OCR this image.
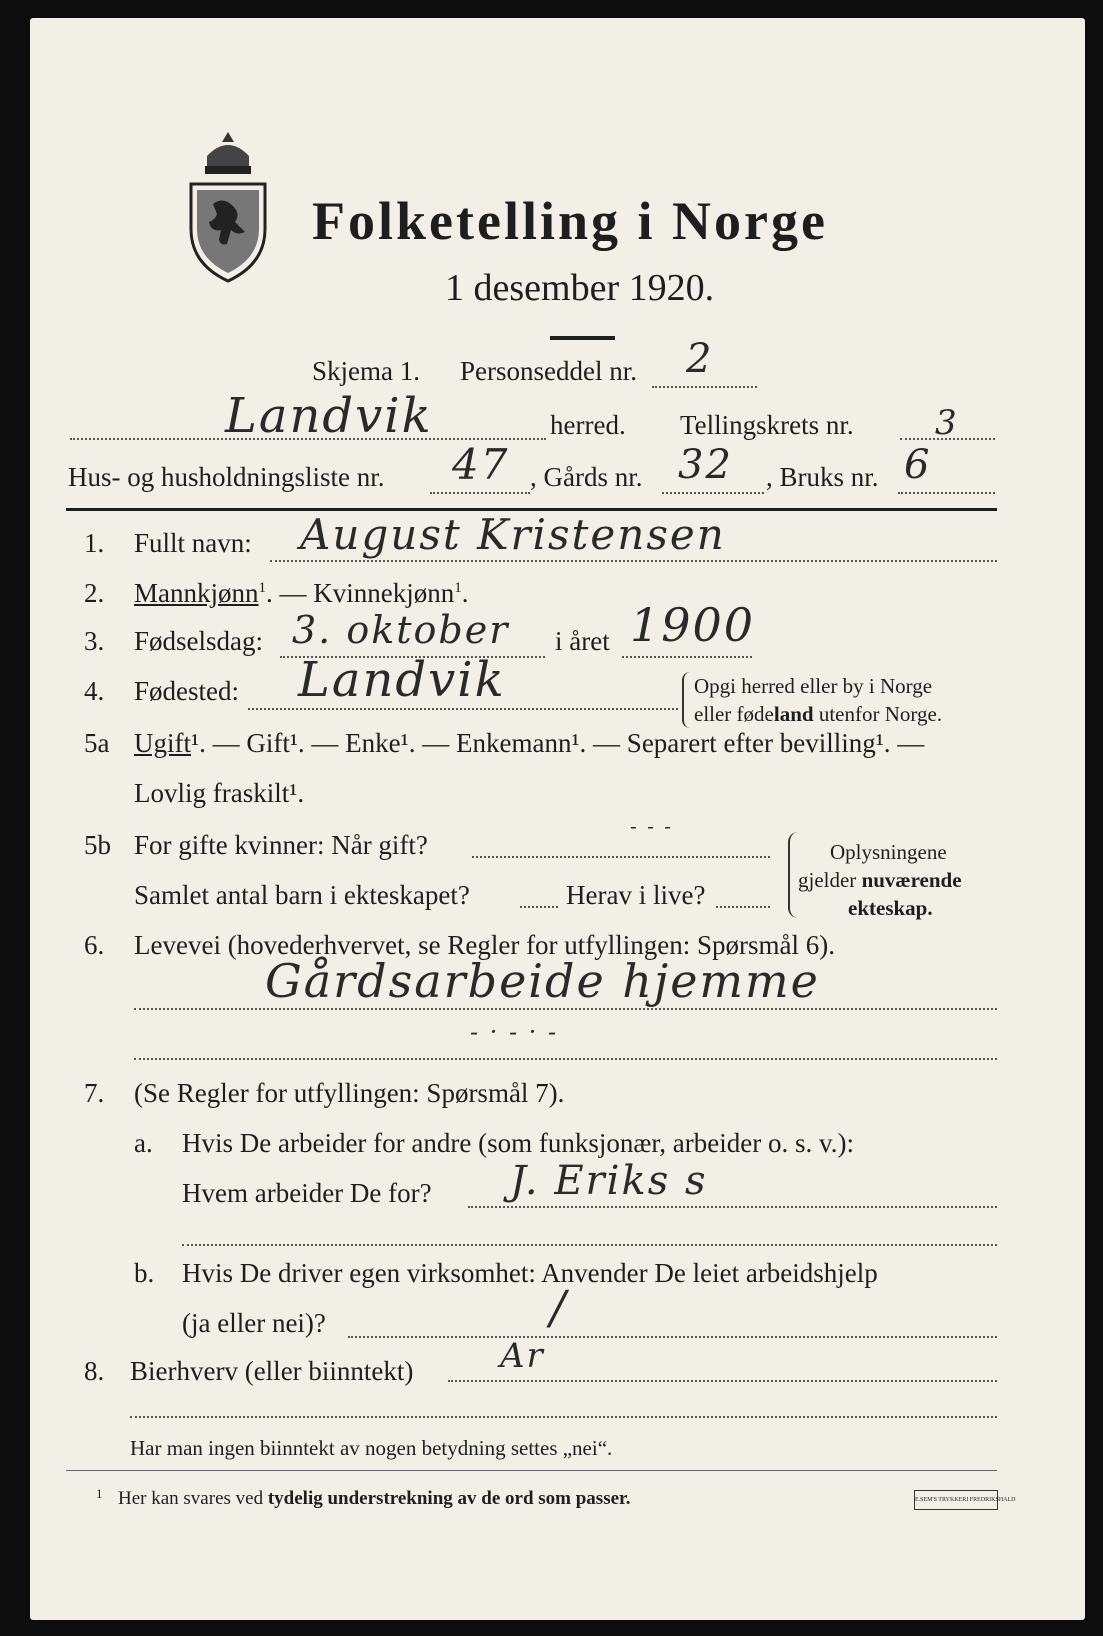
Folketelling i Norge
1 desember 1920.
Skjema 1. Personseddel nr. 2
Landvik	herred. Tellingskrets nr. 3
Hus- og husholdningsliste nr. 47 , Gårds nr. 32 , Bruks nr. 6
1. Fullt navn: August Kristensen
2. Mannkjønn$^1$. — Kvinnekjønn$^1$.
3. Fødselsdag: 3. oktober i året 1900
4. Fødested: Landvik	Opgi herred eller by i Norge
eller fødeland utenfor Norge.
5a Ugift¹. — Gift¹. — Enke¹. — Enkemann¹. — Separert efter bevilling¹. —
Lovlig fraskilt¹.
5b For gifte kvinner: Når gift?
- - -
Samlet antal barn i ekteskapet?	Herav i live?
Oplysningene
gjelder nuværende
ekteskap.
6. Levevei (hovederhvervet, se Regler for utfyllingen: Spørsmål 6).
Gårdsarbeide hjemme
- · - · -
7. (Se Regler for utfyllingen: Spørsmål 7).
a. Hvis De arbeider for andre (som funksjonær, arbeider o. s. v.):
Hvem arbeider De for? J. Eriks s
b. Hvis De driver egen virksomhet: Anvender De leiet arbeidshjelp
(ja eller nei)?	/
8. Bierhverv (eller biinntekt)	Ar
Har man ingen biinntekt av nogen betydning settes „nei“.
1 Her kan svares ved tydelig understrekning av de ord som passer.	E.SEM'S TRYKKERI FREDRIKSHALD
